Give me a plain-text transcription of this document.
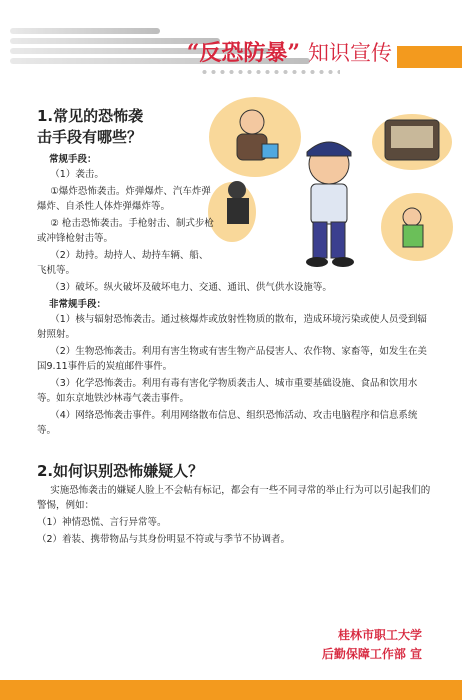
“反恐防暴” 知识宣传

1.常见的恐怖袭

击手段有哪些？

常规手段：
（1）袭击。
①爆炸恐怖袭击。炸弹爆炸、汽车炸弹爆炸、自杀性人体炸弹爆炸等。
② 枪击恐怖袭击。手枪射击、制式步枪或冲锋枪射击等。
（2）劫持。劫持人、劫持车辆、船、飞机等。
（3）破坏。纵火破坏及破坏电力、交通、通讯、供气供水设施等。
非常规手段：
（1）核与辐射恐怖袭击。通过核爆炸或放射性物质的散布，造成环境污染或使人员受到辐射照射。
（2）生物恐怖袭击。利用有害生物或有害生物产品侵害人、农作物、家畜等，如发生在美国9.11事件后的炭疽邮件事件。
（3）化学恐怖袭击。利用有毒有害化学物质袭击人、城市重要基础设施、食品和饮用水等。如东京地铁沙林毒气袭击事件。
（4）网络恐怖袭击事件。利用网络散布信息、组织恐怖活动、攻击电脑程序和信息系统等。
2.如何识别恐怖嫌疑人？
实施恐怖袭击的嫌疑人脸上不会帖有标记，都会有一些不同寻常的举止行为可以引起我们的警惕，例如：
（1）神情恐慌、言行异常等。
（2）着装、携带物品与其身份明显不符或与季节不协调者。
桂林市职工大学
后勤保障工作部 宣
